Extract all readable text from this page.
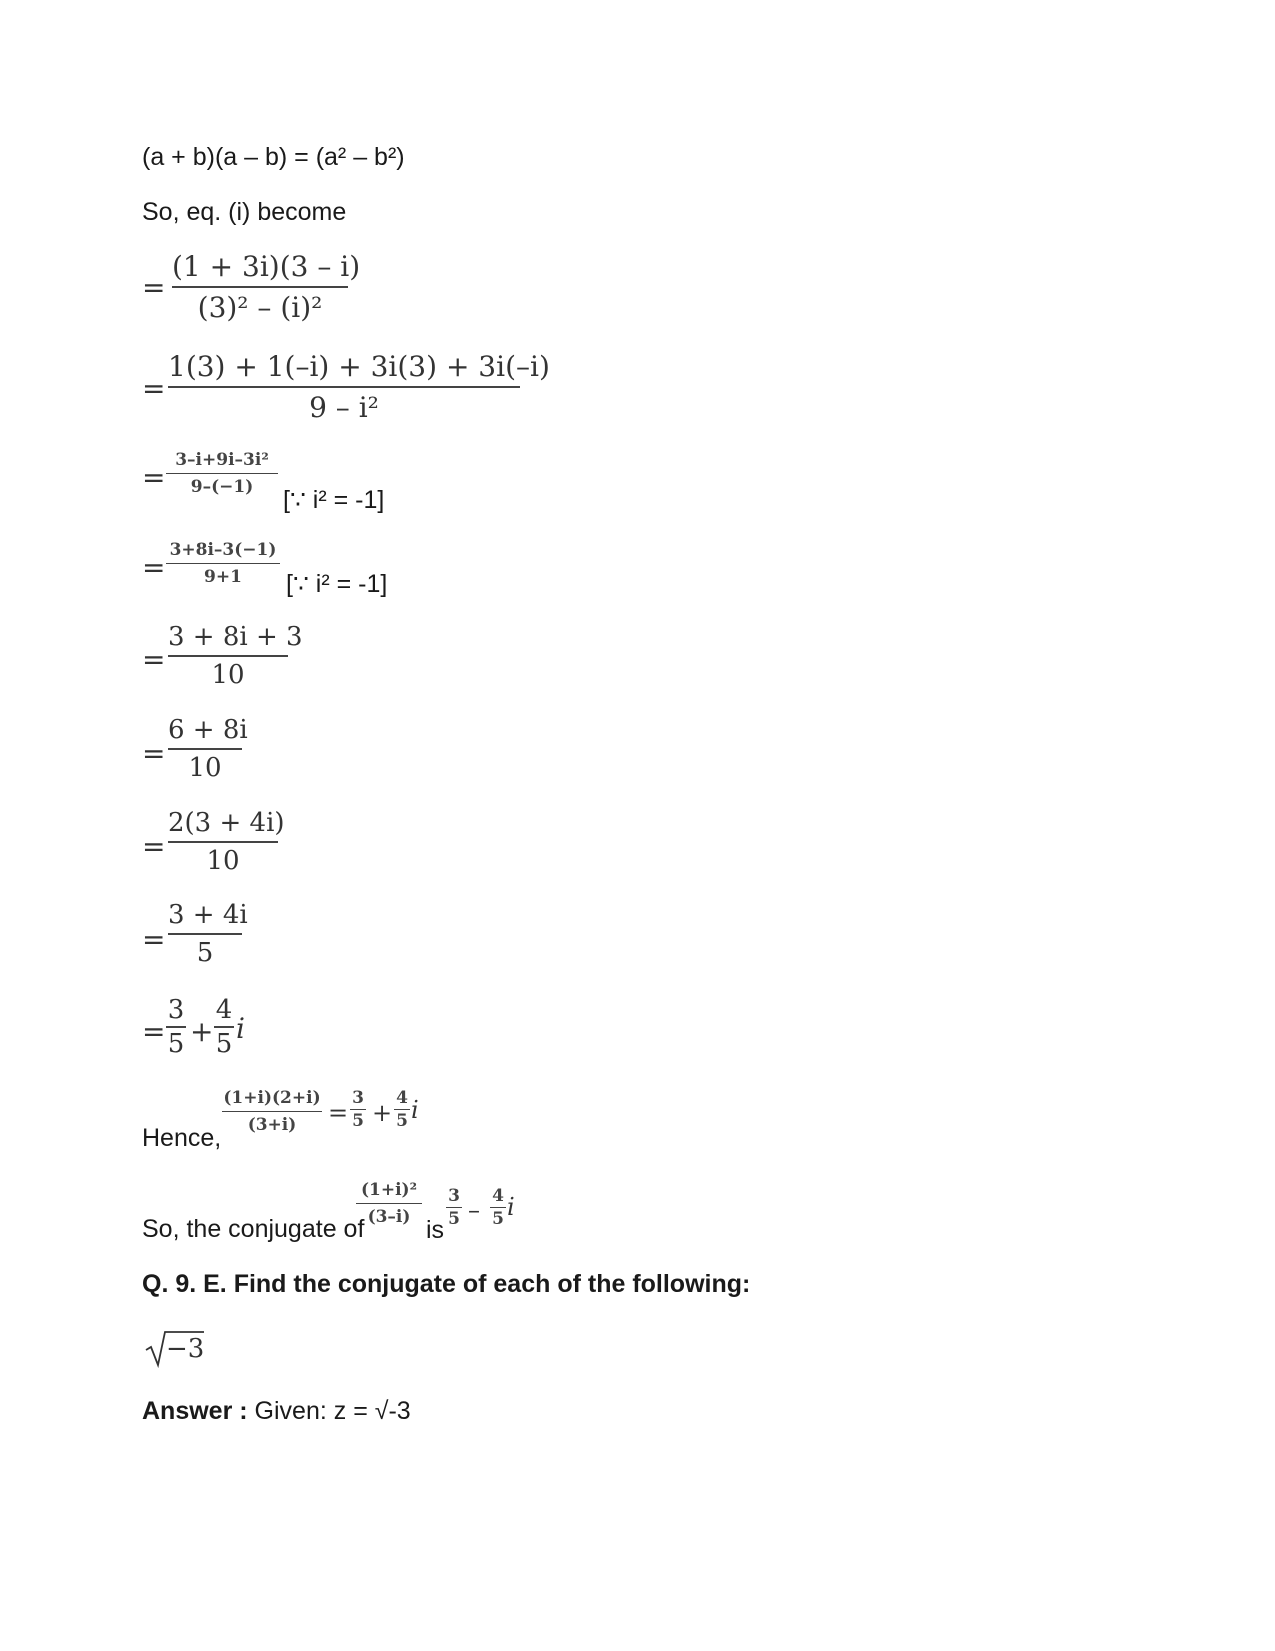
(a + b)(a – b) = (a² – b²)
So, eq. (i) become
=
(1 + 3i)(3 – i)
(3)² – (i)²
=
1(3) + 1(–i) + 3i(3) + 3i(–i)
9 – i²
=
3–i+9i–3i²
9–(−1)	[∵ i² = -1]
=
3+8i–3(−1)
9+1	[∵ i² = -1]
=
3 + 8i + 3
10
=
6 + 8i
10
=
2(3 + 4i)
10
=
3 + 4i
5
=
3
5 +
4
5 i
Hence,
(1+i)(2+i)
(3+i)	=
3
5 +
4
5 i
So, the conjugate of
(1+i)²
(3–i) is
3
5 – 4
5 i
Q. 9. E. Find the conjugate of each of the following:
−3
Answer : Given: z = √-3
